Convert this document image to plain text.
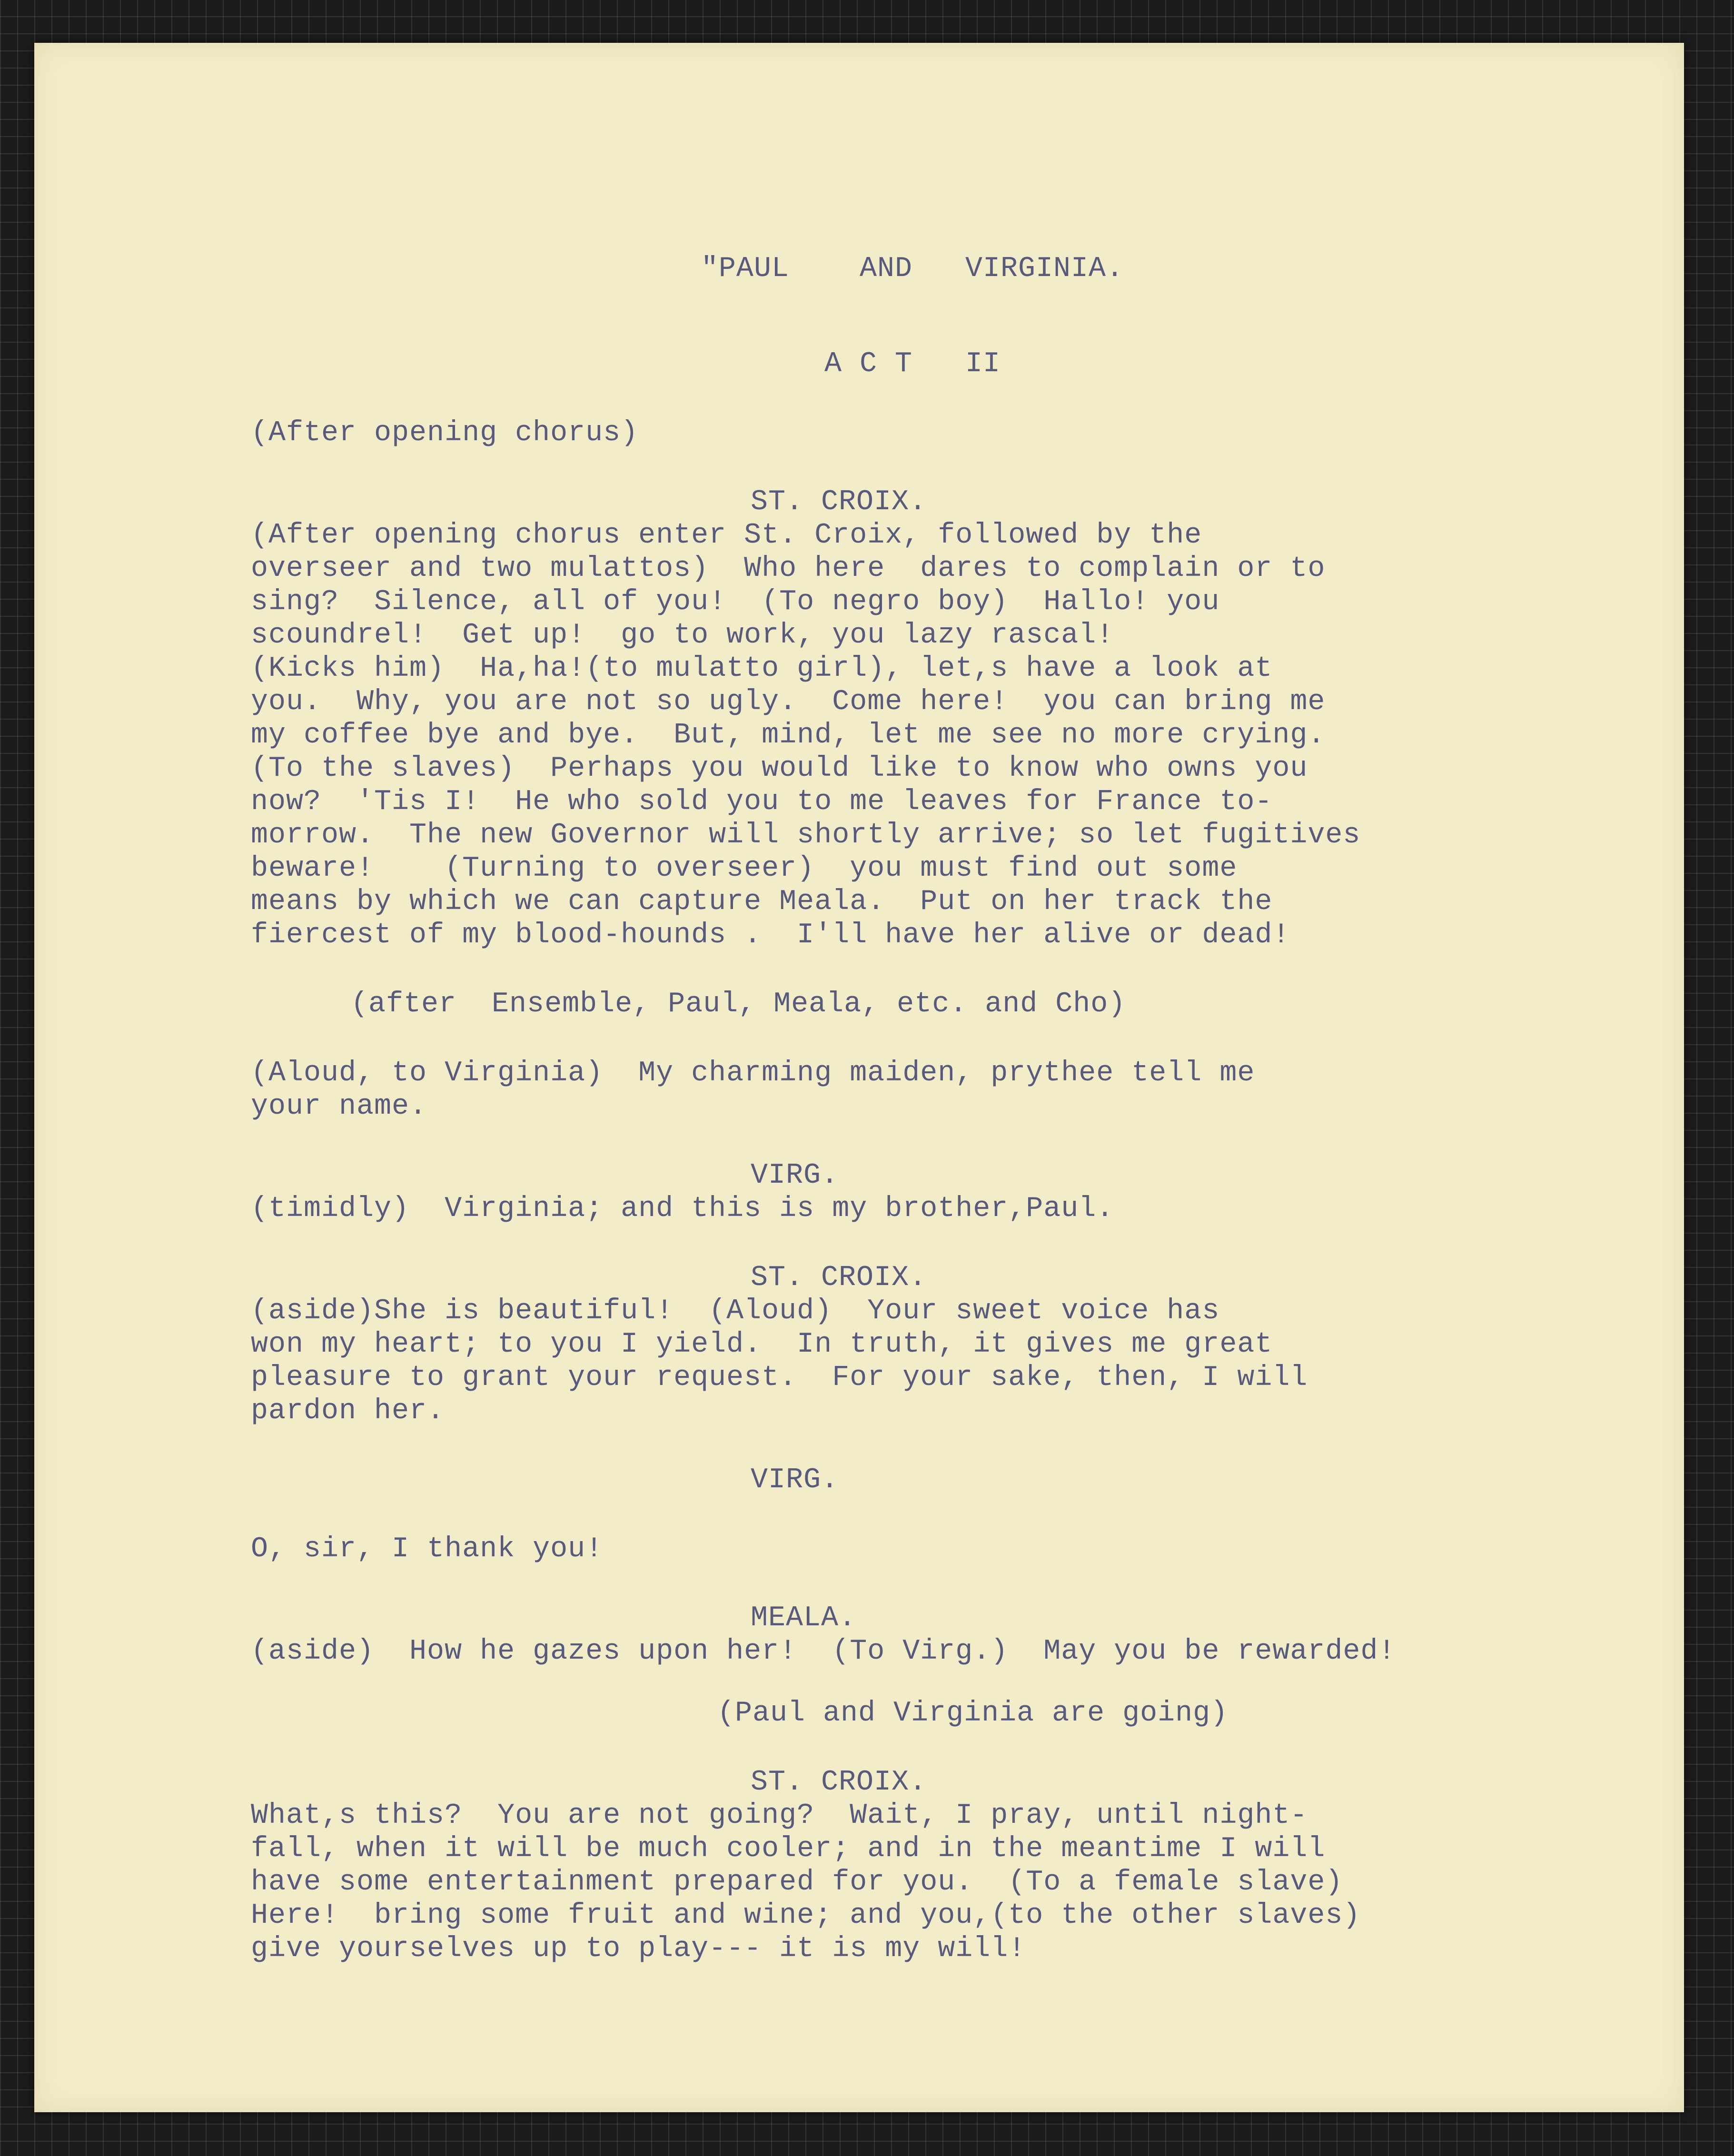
"PAUL    AND   VIRGINIA.
A C T   II
(After opening chorus)
ST. CROIX.
(After opening chorus enter St. Croix, followed by the
overseer and two mulattos)  Who here  dares to complain or to
sing?  Silence, all of you!  (To negro boy)  Hallo! you
scoundrel!  Get up!  go to work, you lazy rascal!
(Kicks him)  Ha,ha!(to mulatto girl), let,s have a look at
you.  Why, you are not so ugly.  Come here!  you can bring me
my coffee bye and bye.  But, mind, let me see no more crying.
(To the slaves)  Perhaps you would like to know who owns you
now?  'Tis I!  He who sold you to me leaves for France to-
morrow.  The new Governor will shortly arrive; so let fugitives
beware!    (Turning to overseer)  you must find out some
means by which we can capture Meala.  Put on her track the
fiercest of my blood-hounds .  I'll have her alive or dead!
(after  Ensemble, Paul, Meala, etc. and Cho)
(Aloud, to Virginia)  My charming maiden, prythee tell me
your name.
VIRG.
(timidly)  Virginia; and this is my brother,Paul.
ST. CROIX.
(aside)She is beautiful!  (Aloud)  Your sweet voice has
won my heart; to you I yield.  In truth, it gives me great
pleasure to grant your request.  For your sake, then, I will
pardon her.
VIRG.
O, sir, I thank you!
MEALA.
(aside)  How he gazes upon her!  (To Virg.)  May you be rewarded!
(Paul and Virginia are going)
ST. CROIX.
What,s this?  You are not going?  Wait, I pray, until night-
fall, when it will be much cooler; and in the meantime I will
have some entertainment prepared for you.  (To a female slave)
Here!  bring some fruit and wine; and you,(to the other slaves)
give yourselves up to play--- it is my will!
